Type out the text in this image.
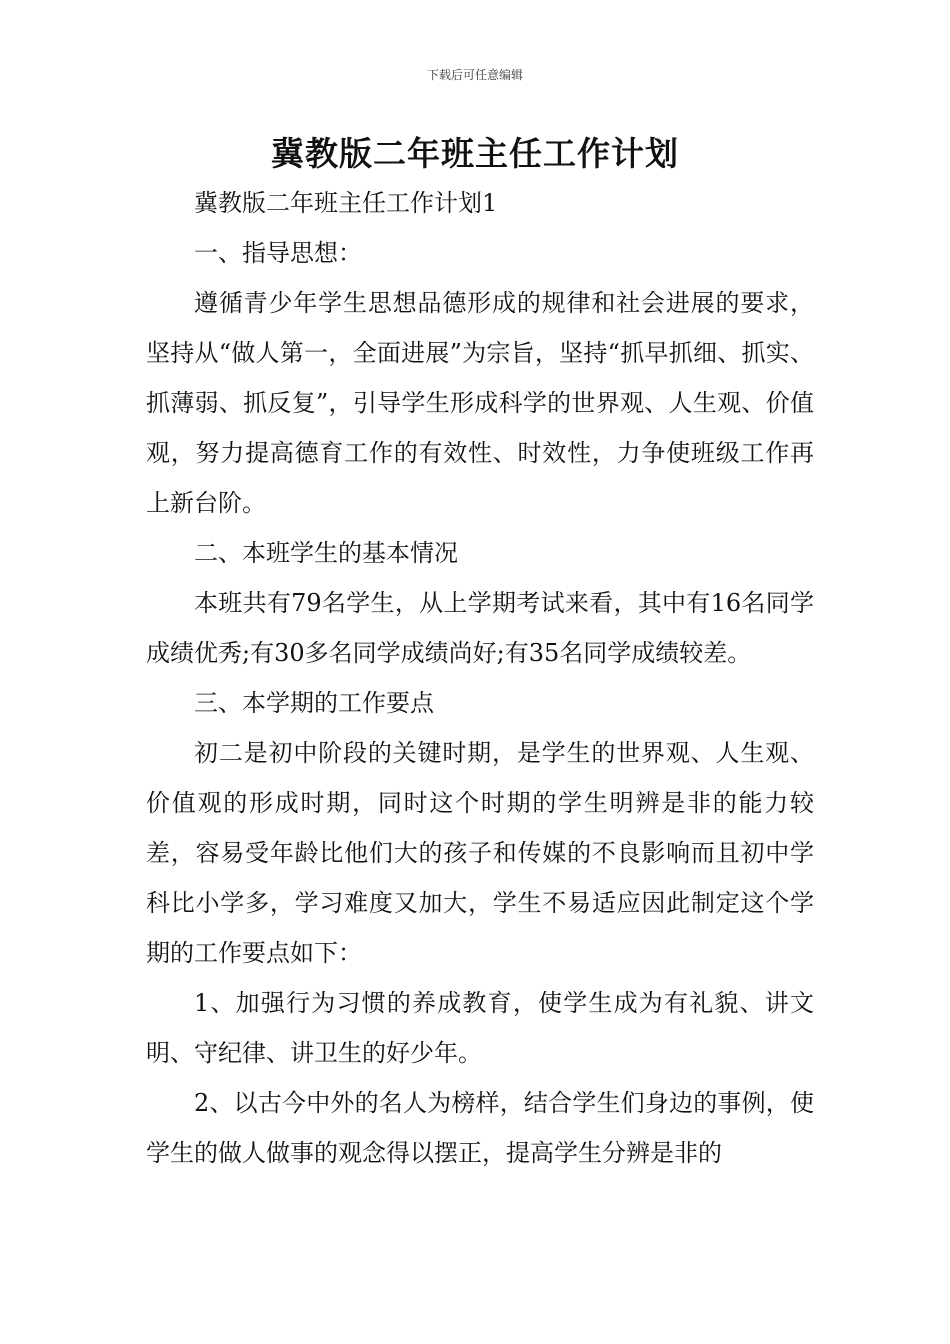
下载后可任意编辑
冀教版二年班主任工作计划

冀教版二年班主任工作计划1

一、指导思想：

遵循青少年学生思想品德形成的规律和社会进展的要求，坚持从“做人第一，全面进展”为宗旨，坚持“抓早抓细、抓实、抓薄弱、抓反复”，引导学生形成科学的世界观、人生观、价值观，努力提高德育工作的有效性、时效性，力争使班级工作再上新台阶。

二、本班学生的基本情况

本班共有79名学生，从上学期考试来看，其中有16名同学成绩优秀;有30多名同学成绩尚好;有35名同学成绩较差。

三、本学期的工作要点

初二是初中阶段的关键时期，是学生的世界观、人生观、价值观的形成时期，同时这个时期的学生明辨是非的能力较差，容易受年龄比他们大的孩子和传媒的不良影响而且初中学科比小学多，学习难度又加大，学生不易适应因此制定这个学期的工作要点如下：

1、加强行为习惯的养成教育，使学生成为有礼貌、讲文明、守纪律、讲卫生的好少年。

2、以古今中外的名人为榜样，结合学生们身边的事例，使学生的做人做事的观念得以摆正，提高学生分辨是非的
